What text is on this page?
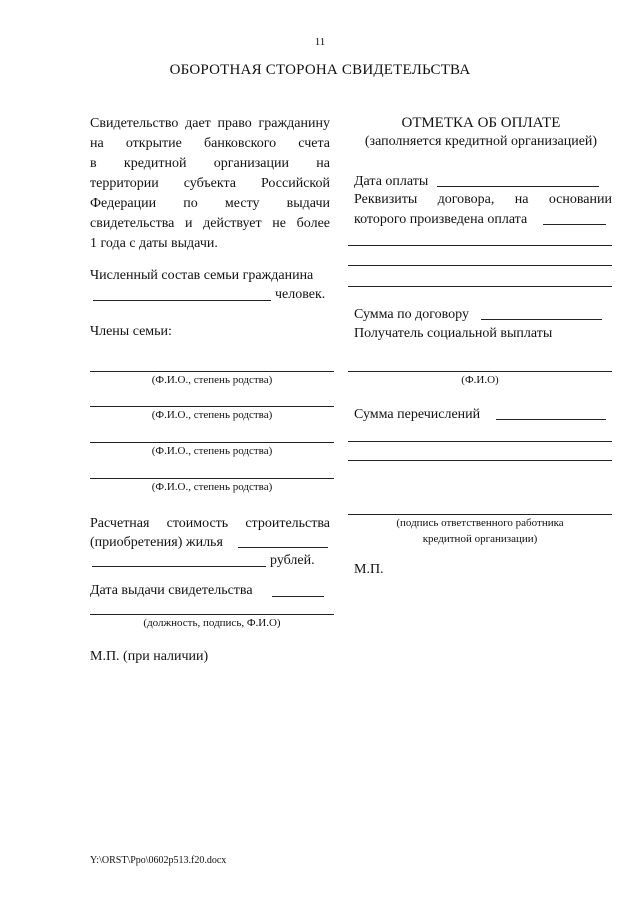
11
ОБОРОТНАЯ СТОРОНА СВИДЕТЕЛЬСТВА
Свидетельство дает право гражданину
на открытие банковского счета
в кредитной организации на
территории субъекта Российской
Федерации по месту выдачи
свидетельства и действует не более
1 года с даты выдачи.
Численный состав семьи гражданина
человек.
Члены семьи:
(Ф.И.О., степень родства)
(Ф.И.О., степень родства)
(Ф.И.О., степень родства)
(Ф.И.О., степень родства)
Расчетная стоимость строительства
(приобретения) жилья
рублей.
Дата выдачи свидетельства
(должность, подпись, Ф.И.О)
М.П. (при наличии)
ОТМЕТКА ОБ ОПЛАТЕ
(заполняется кредитной организацией)
Дата оплаты
Реквизиты договора, на основании
которого произведена оплата
Сумма по договору
Получатель социальной выплаты
(Ф.И.О)
Сумма перечислений
(подпись ответственного работника
кредитной организации)
М.П.
Y:\ORST\Ppo\0602p513.f20.docx
